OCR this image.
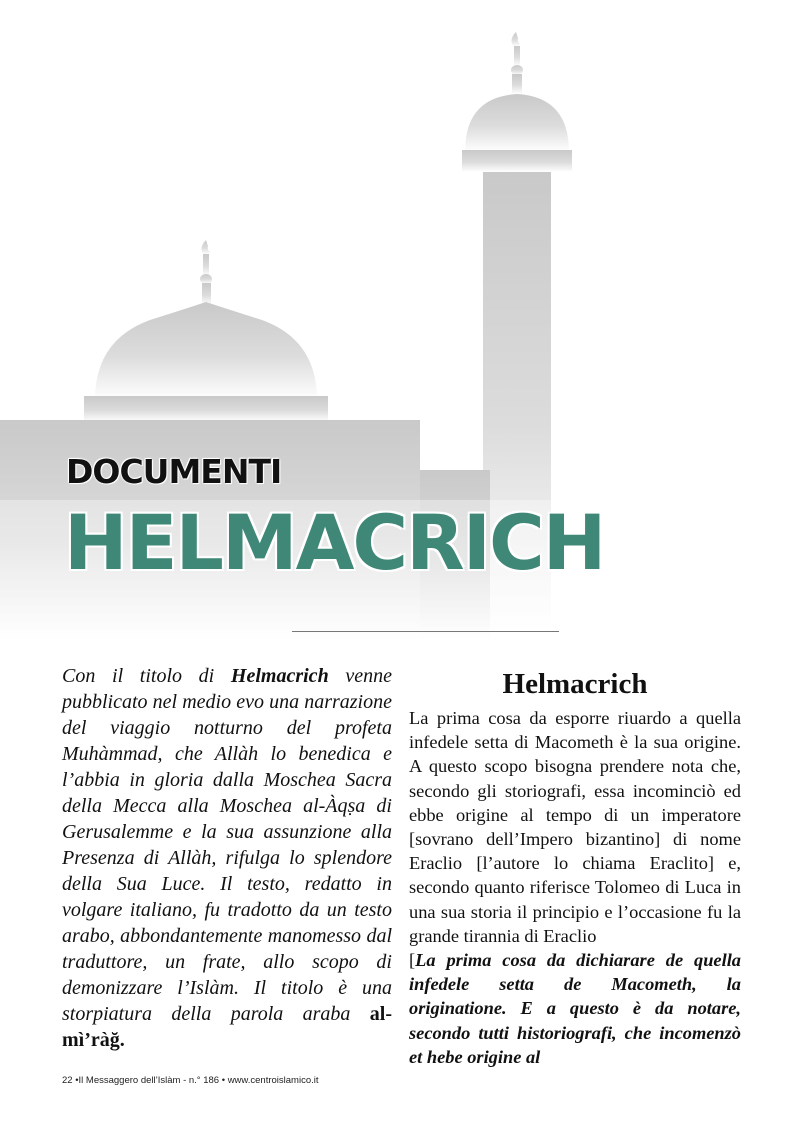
DOCUMENTI
HELMACRICH

Con il titolo di Helmacrich venne pubblicato nel medio evo una narrazione del viaggio notturno del profeta Muhàmmad, che Allàh lo benedica e l’abbia in gloria dalla Moschea Sacra della Mecca alla Moschea al-Àqṣa di Gerusalemme e la sua assunzione alla Presenza di Allàh, rifulga lo splendore della Sua Luce. Il testo, redatto in volgare italiano, fu tradotto da un testo arabo, abbondantemente manomesso dal traduttore, un frate, allo scopo di demonizzare l’Islàm. Il titolo è una storpiatura della parola araba al-mì’ràğ.

Helmacrich

La prima cosa da esporre riuardo a quella infedele setta di Macometh è la sua origine. A questo scopo bisogna prendere nota che, secondo gli storiografi, essa incominciò ed ebbe origine al tempo di un imperatore [sovrano dell’Impero bizantino] di nome Eraclio [l’autore lo chiama Eraclito] e, secondo quanto riferisce Tolomeo di Luca in una sua storia il principio e l’occasione fu la grande tirannia di Eraclio
[La prima cosa da dichiarare de quella infedele setta de Macometh, la originatione. E a questo è da notare, secondo tutti historiografi, che incomenzò et hebe origine al

22 •Il Messaggero dell’Islàm - n.° 186 • www.centroislamico.it
